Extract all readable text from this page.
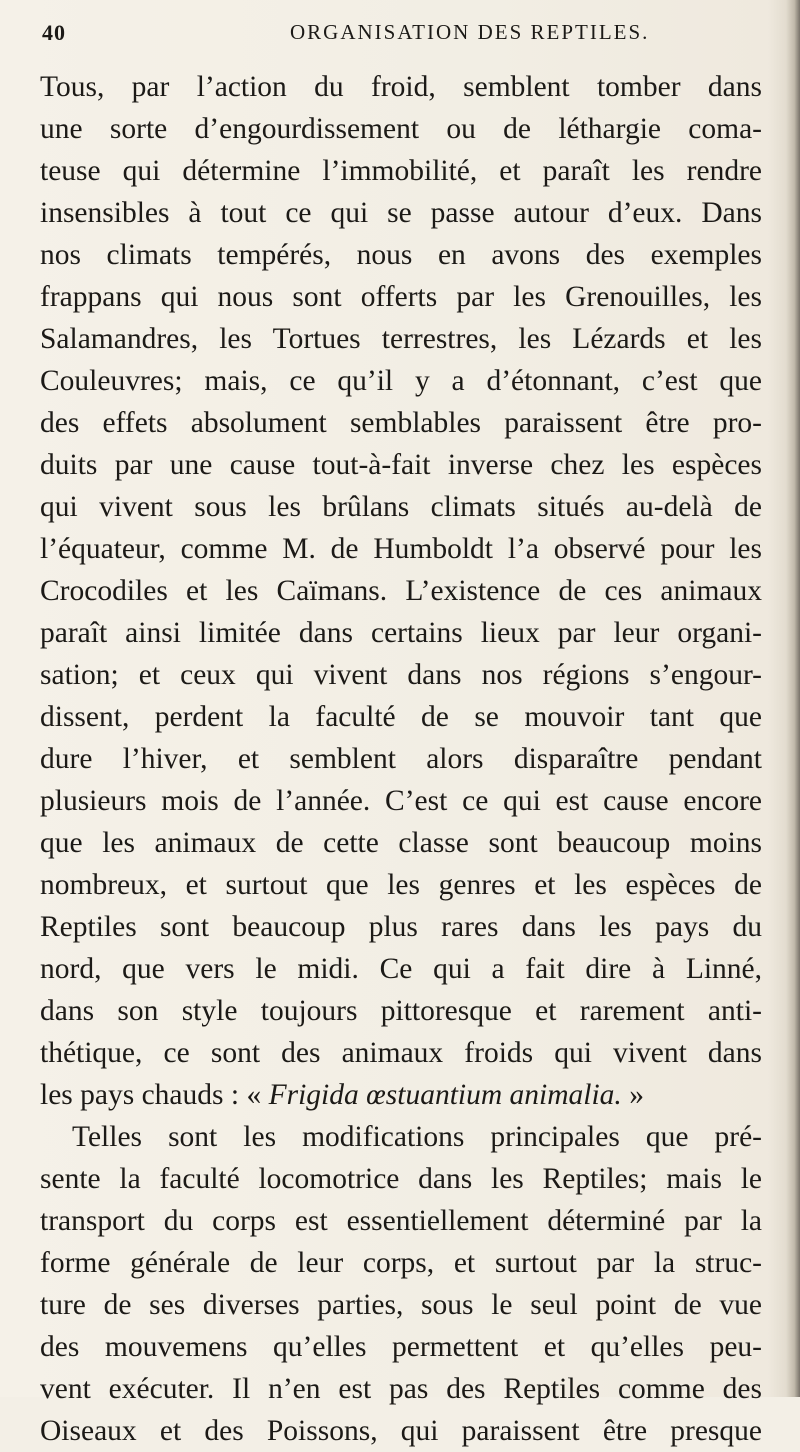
40	ORGANISATION DES REPTILES.
Tous, par l’action du froid, semblent tomber dans
une sorte d’engourdissement ou de léthargie coma-
teuse qui détermine l’immobilité, et paraît les rendre
insensibles à tout ce qui se passe autour d’eux. Dans
nos climats tempérés, nous en avons des exemples
frappans qui nous sont offerts par les Grenouilles, les
Salamandres, les Tortues terrestres, les Lézards et les
Couleuvres; mais, ce qu’il y a d’étonnant, c’est que
des effets absolument semblables paraissent être pro-
duits par une cause tout-à-fait inverse chez les espèces
qui vivent sous les brûlans climats situés au-delà de
l’équateur, comme M. de Humboldt l’a observé pour les
Crocodiles et les Caïmans. L’existence de ces animaux
paraît ainsi limitée dans certains lieux par leur organi-
sation; et ceux qui vivent dans nos régions s’engour-
dissent, perdent la faculté de se mouvoir tant que
dure l’hiver, et semblent alors disparaître pendant
plusieurs mois de l’année. C’est ce qui est cause encore
que les animaux de cette classe sont beaucoup moins
nombreux, et surtout que les genres et les espèces de
Reptiles sont beaucoup plus rares dans les pays du
nord, que vers le midi. Ce qui a fait dire à Linné,
dans son style toujours pittoresque et rarement anti-
thétique, ce sont des animaux froids qui vivent dans
les pays chauds : « Frigida œstuantium animalia. »
Telles sont les modifications principales que pré-
sente la faculté locomotrice dans les Reptiles; mais le
transport du corps est essentiellement déterminé par la
forme générale de leur corps, et surtout par la struc-
ture de ses diverses parties, sous le seul point de vue
des mouvemens qu’elles permettent et qu’elles peu-
vent exécuter. Il n’en est pas des Reptiles comme des
Oiseaux et des Poissons, qui paraissent être presque
